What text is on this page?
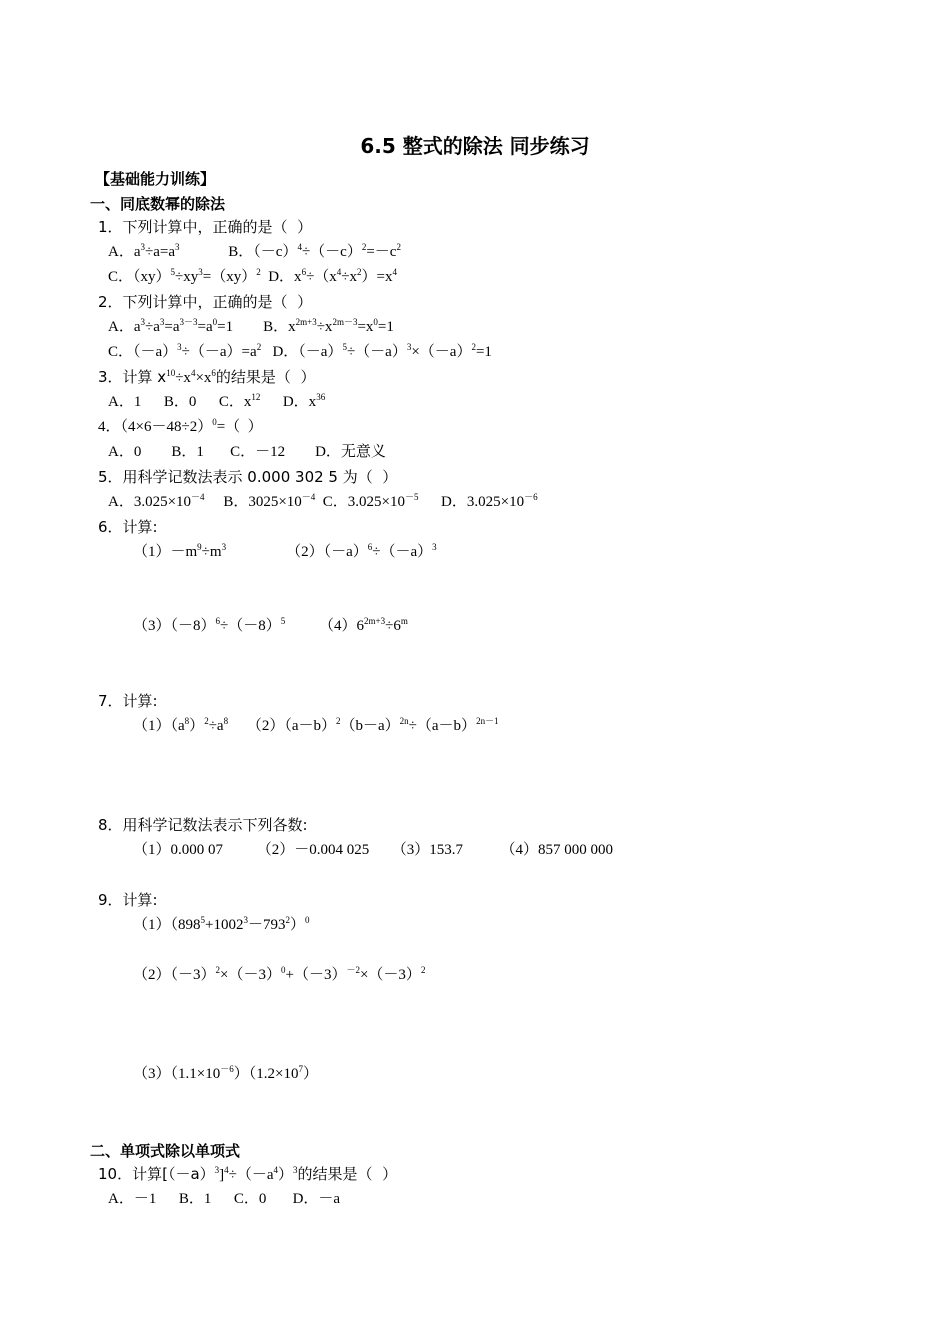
6.5 整式的除法 同步练习
【基础能力训练】
一、同底数幂的除法
1．下列计算中，正确的是（  ）
A．$a^3\div a=a^3$             B．$(-c)^4\div(-c)^2=-c^2$
C．$(xy)^5\div xy^3=(xy)^2$  D．$x^6\div(x^4\div x^2)=x^4$
2．下列计算中，正确的是（  ）
A．$a^3\div a^3=a^{3-3}=a^0=1$        B．$x^{2m+3}\div x^{2m-3}=x^0=1$
C．$(-a)^3\div(-a)=a^2$   D．$(-a)^5\div(-a)^3\times(-a)^2=1$
3．计算 $x^{10}\div x^4\times x^6$的结果是（  ）
A．1      B．0      C．$x^{12}$      D．$x^{36}$
4．$(4\times 6-48\div 2)^0=$（  ）
A．0        B．1       C．－12        D．无意义
5．用科学记数法表示 0.000 302 5 为（  ）
A．$3.025\times 10^{-4}$     B．$3025\times 10^{-4}$  C．$3.025\times 10^{-5}$      D．$3.025\times 10^{-6}$
6．计算:
$(1)-m^9\div m^3$                $(2)(-a)^6\div(-a)^3$
$(3)(-8)^6\div(-8)^5$         $(4)6^{2m+3}\div 6^m$
7．计算:
$(1)(a^8)^2\div a^8$     $(2)(a-b)^2(b-a)^{2n}\div(a-b)^{2n-1}$
8．用科学记数法表示下列各数:
（1）0.000 07         （2）－0.004 025      （3）153.7          （4）857 000 000
9．计算:
$(1)(898^5+1002^3-793^2)^0$
$(2)(-3)^2\times(-3)^0+(-3)^{-2}\times(-3)^2$
$(3)(1.1\times 10^{-6})(1.2\times 10^7)$
二、单项式除以单项式
10．计算$[(-a)^3]^4\div(-a^4)^3$的结果是（  ）
A．－1      B．1      C．0       D．－a
